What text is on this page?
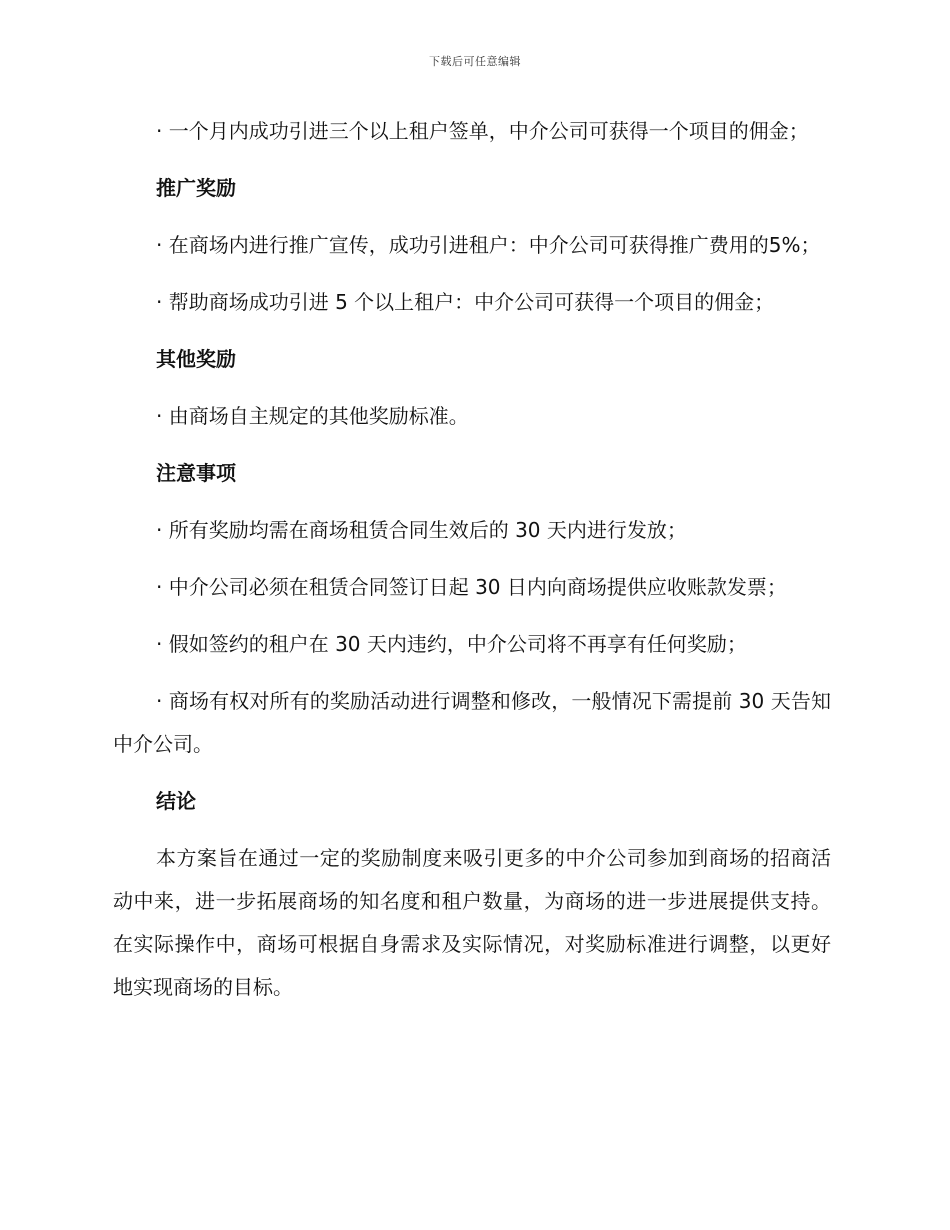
下载后可任意编辑

· 一个月内成功引进三个以上租户签单，中介公司可获得一个项目的佣金；

推广奖励

· 在商场内进行推广宣传，成功引进租户：中介公司可获得推广费用的5%；

· 帮助商场成功引进 5 个以上租户：中介公司可获得一个项目的佣金；

其他奖励

· 由商场自主规定的其他奖励标准。

注意事项

· 所有奖励均需在商场租赁合同生效后的 30 天内进行发放；

· 中介公司必须在租赁合同签订日起 30 日内向商场提供应收账款发票；

· 假如签约的租户在 30 天内违约，中介公司将不再享有任何奖励；

· 商场有权对所有的奖励活动进行调整和修改，一般情况下需提前 30 天告知中介公司。

结论

本方案旨在通过一定的奖励制度来吸引更多的中介公司参加到商场的招商活动中来，进一步拓展商场的知名度和租户数量，为商场的进一步进展提供支持。在实际操作中，商场可根据自身需求及实际情况，对奖励标准进行调整，以更好地实现商场的目标。
